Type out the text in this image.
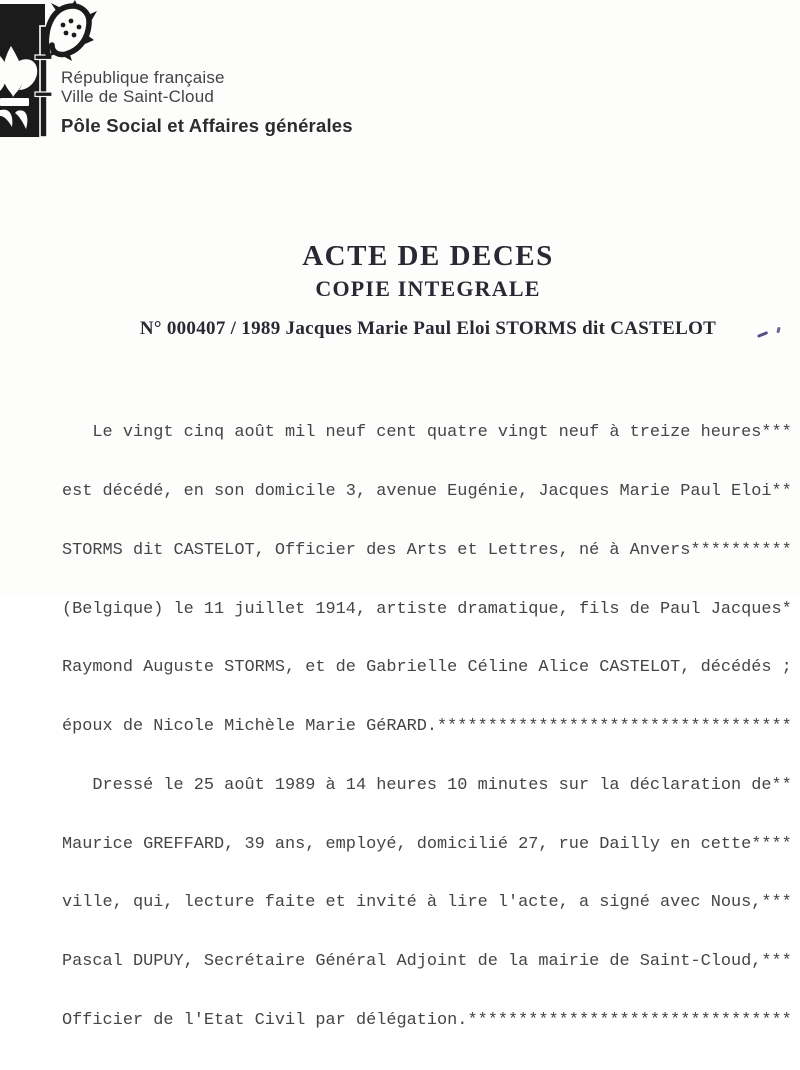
République française
Ville de Saint-Cloud
Pôle Social et Affaires générales
ACTE DE DECES
COPIE INTEGRALE
N° 000407 / 1989 Jacques Marie Paul Eloi STORMS dit CASTELOT

Le vingt cinq août mil neuf cent quatre vingt neuf à treize heures***

est décédé, en son domicile 3, avenue Eugénie, Jacques Marie Paul Eloi**

STORMS dit CASTELOT, Officier des Arts et Lettres, né à Anvers**********

(Belgique) le 11 juillet 1914, artiste dramatique, fils de Paul Jacques*

Raymond Auguste STORMS, et de Gabrielle Céline Alice CASTELOT, décédés ;

époux de Nicole Michèle Marie GéRARD.***********************************

Dressé le 25 août 1989 à 14 heures 10 minutes sur la déclaration de**

Maurice GREFFARD, 39 ans, employé, domicilié 27, rue Dailly en cette****

ville, qui, lecture faite et invité à lire l'acte, a signé avec Nous,***

Pascal DUPUY, Secrétaire Général Adjoint de la mairie de Saint-Cloud,***

Officier de l'Etat Civil par délégation.********************************
